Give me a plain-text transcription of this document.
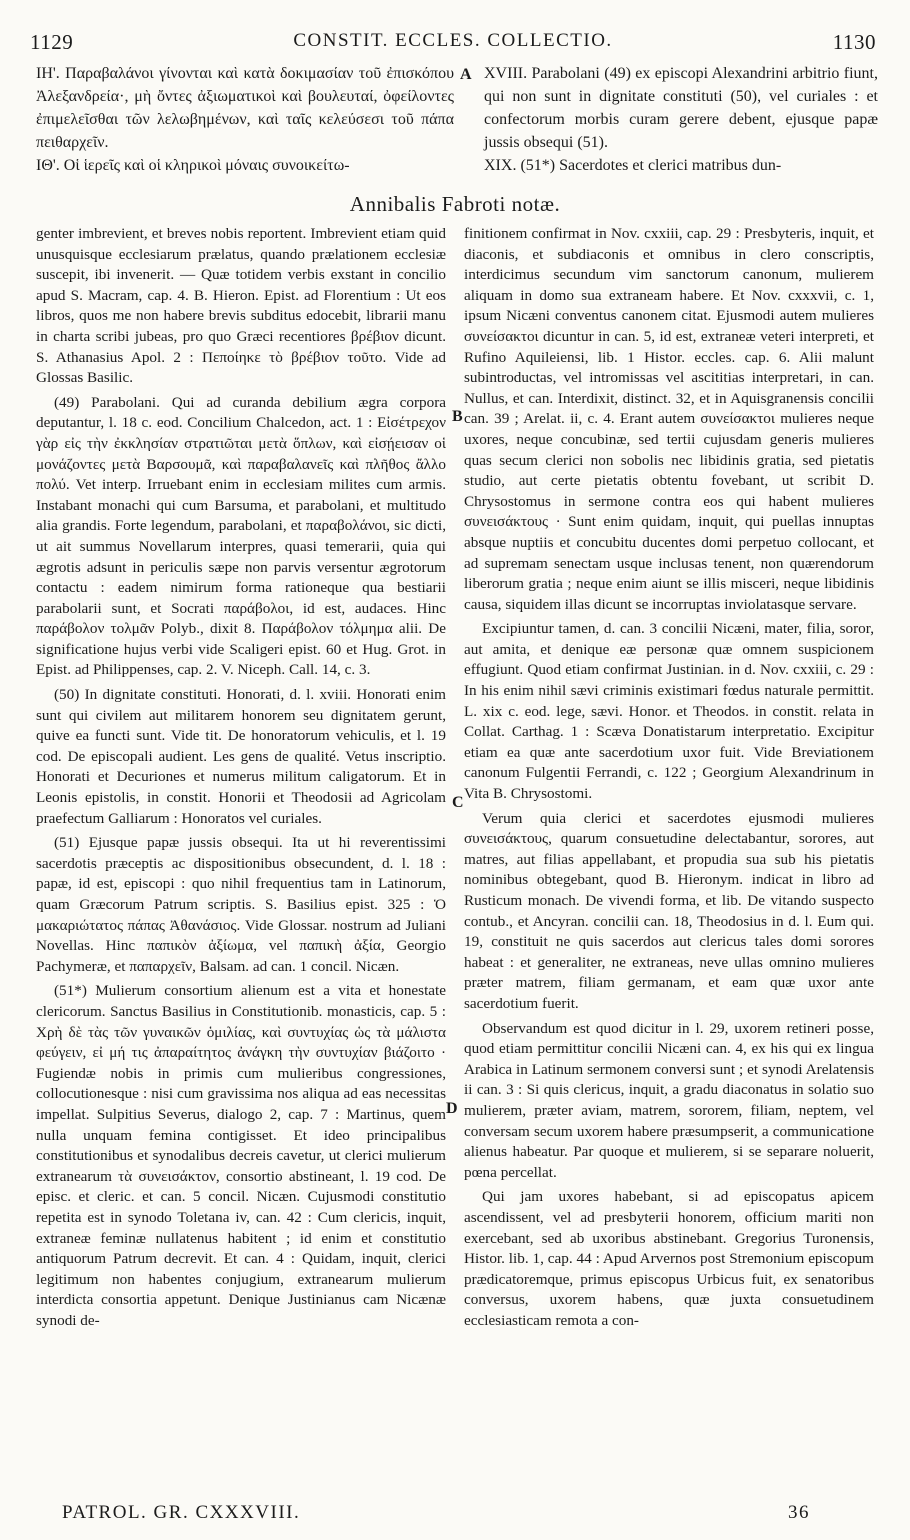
1129	CONSTIT. ECCLES. COLLECTIO.	1130

ΙΗ'. Παραβαλάνοι γίνονται καὶ κατὰ δοκιμασίαν τοῦ ἐπισκόπου Ἀλεξανδρεία·, μὴ ὄντες ἀξιωματικοὶ καὶ βουλευταί, ὀφείλοντες ἐπιμελεῖσθαι τῶν λελωβημένων, καὶ ταῖς κελεύσεσι τοῦ πάπα πειθαρχεῖν.

ΙΘ'. Οἱ ἱερεῖς καὶ οἱ κληρικοὶ μόναις συνοικείτω-

A XVIII. Parabolani (49) ex episcopi Alexandrini arbitrio fiunt, qui non sunt in dignitate constituti (50), vel curiales : et confectorum morbis curam gerere debent, ejusque papæ jussis obsequi (51).

XIX. (51*) Sacerdotes et clerici matribus dun-

Annibalis Fabroti notæ.

genter imbrevient, et breves nobis reportent. Imbrevient etiam quid unusquisque ecclesiarum prælatus, quando prælationem ecclesiæ suscepit, ibi invenerit. — Quæ totidem verbis exstant in concilio apud S. Macram, cap. 4. B. Hieron. Epist. ad Florentium : Ut eos libros, quos me non habere brevis subditus edocebit, librarii manu in charta scribi jubeas, pro quo Græci recentiores βρέβιον dicunt. S. Athanasius Apol. 2 : Πεποίηκε τὸ βρέβιον τοῦτο. Vide ad Glossas Basilic.

(49) Parabolani. Qui ad curanda debilium ægra corpora deputantur, l. 18 c. eod. Concilium Chalcedon, act. 1 : Εἰσέτρεχον γὰρ εἰς τὴν ἐκκλησίαν στρατιῶται μετὰ ὅπλων, καὶ εἰσῄεισαν οἱ μονάζοντες μετὰ Βαρσουμᾶ, καὶ παραβαλανεῖς καὶ πλῆθος ἄλλο πολύ. Vet interp. Irruebant enim in ecclesiam milites cum armis. Instabant monachi qui cum Barsuma, et parabolani, et multitudo alia grandis. Forte legendum, parabolani, et παραβολάνοι, sic dicti, ut ait summus Novellarum interpres, quasi temerarii, quia qui ægrotis adsunt in periculis sæpe non parvis versentur ægrotorum contactu : eadem nimirum forma rationeque qua bestiarii parabolarii sunt, et Socrati παράβολοι, id est, audaces. Hinc παράβολον τολμᾶν Polyb., dixit 8. Παράβολον τόλμημα alii. De significatione hujus verbi vide Scaligeri epist. 60 et Hug. Grot. in Epist. ad Philippenses, cap. 2. V. Niceph. Call. 14, c. 3.

(50) In dignitate constituti. Honorati, d. l. xviii. Honorati enim sunt qui civilem aut militarem honorem seu dignitatem gerunt, quive ea functi sunt. Vide tit. De honoratorum vehiculis, et l. 19 cod. De episcopali audient. Les gens de qualité. Vetus inscriptio. Honorati et Decuriones et numerus militum caligatorum. Et in Leonis epistolis, in constit. Honorii et Theodosii ad Agricolam praefectum Galliarum : Honoratos vel curiales.

(51) Ejusque papæ jussis obsequi. Ita ut hi reverentissimi sacerdotis præceptis ac dispositionibus obsecundent, d. l. 18 : papæ, id est, episcopi : quo nihil frequentius tam in Latinorum, quam Græcorum Patrum scriptis. S. Basilius epist. 325 : Ὁ μακαριώτατος πάπας Ἀθανάσιος. Vide Glossar. nostrum ad Juliani Novellas. Hinc παπικὸν ἀξίωμα, vel παπικὴ ἀξία, Georgio Pachymeræ, et παπαρχεῖν, Balsam. ad can. 1 concil. Nicæn.

(51*) Mulierum consortium alienum est a vita et honestate clericorum. Sanctus Basilius in Constitutionib. monasticis, cap. 5 : Χρὴ δὲ τὰς τῶν γυναικῶν ὁμιλίας, καὶ συντυχίας ὡς τὰ μάλιστα φεύγειν, εἰ μή τις ἀπαραίτητος ἀνάγκη τὴν συντυχίαν βιάζοιτο · Fugiendæ nobis in primis cum mulieribus congressiones, collocutionesque : nisi cum gravissima nos aliqua ad eas necessitas impellat. Sulpitius Severus, dialogo 2, cap. 7 : Martinus, quem nulla unquam femina contigisset. Et ideo principalibus constitutionibus et synodalibus decreis cavetur, ut clerici mulierum extranearum τὰ συνεισάκτον, consortio abstineant, l. 19 cod. De episc. et cleric. et can. 5 concil. Nicæn. Cujusmodi constitutio repetita est in synodo Toletana iv, can. 42 : Cum clericis, inquit, extraneæ feminæ nullatenus habitent ; id enim et constitutio antiquorum Patrum decrevit. Et can. 4 : Quidam, inquit, clerici legitimum non habentes conjugium, extranearum mulierum interdicta consortia appetunt. Denique Justinianus cam Nicænæ synodi de-

B
C
D

finitionem confirmat in Nov. cxxiii, cap. 29 : Presbyteris, inquit, et diaconis, et subdiaconis et omnibus in clero conscriptis, interdicimus secundum vim sanctorum canonum, mulierem aliquam in domo sua extraneam habere. Et Nov. cxxxvii, c. 1, ipsum Nicæni conventus canonem citat. Ejusmodi autem mulieres συνείσακτοι dicuntur in can. 5, id est, extraneæ veteri interpreti, et Rufino Aquileiensi, lib. 1 Histor. eccles. cap. 6. Alii malunt subintroductas, vel intromissas vel ascititias interpretari, in can. Nullus, et can. Interdixit, distinct. 32, et in Aquisgranensis concilii can. 39 ; Arelat. ii, c. 4. Erant autem συνείσακτοι mulieres neque uxores, neque concubinæ, sed tertii cujusdam generis mulieres quas secum clerici non sobolis nec libidinis gratia, sed pietatis studio, aut certe pietatis obtentu fovebant, ut scribit D. Chrysostomus in sermone contra eos qui habent mulieres συνεισάκτους · Sunt enim quidam, inquit, qui puellas innuptas absque nuptiis et concubitu ducentes domi perpetuo collocant, et ad supremam senectam usque inclusas tenent, non quærendorum liberorum gratia ; neque enim aiunt se illis misceri, neque libidinis causa, siquidem illas dicunt se incorruptas inviolatasque servare.

Excipiuntur tamen, d. can. 3 concilii Nicæni, mater, filia, soror, aut amita, et denique eæ personæ quæ omnem suspicionem effugiunt. Quod etiam confirmat Justinian. in d. Nov. cxxiii, c. 29 : In his enim nihil sævi criminis existimari fœdus naturale permittit. L. xix c. eod. lege, sævi. Honor. et Theodos. in constit. relata in Collat. Carthag. 1 : Scæva Donatistarum interpretatio. Excipitur etiam ea quæ ante sacerdotium uxor fuit. Vide Breviationem canonum Fulgentii Ferrandi, c. 122 ; Georgium Alexandrinum in Vita B. Chrysostomi.

Verum quia clerici et sacerdotes ejusmodi mulieres συνεισάκτους, quarum consuetudine delectabantur, sorores, aut matres, aut filias appellabant, et propudia sua sub his pietatis nominibus obtegebant, quod B. Hieronym. indicat in libro ad Rusticum monach. De vivendi forma, et lib. De vitando suspecto contub., et Ancyran. concilii can. 18, Theodosius in d. l. Eum qui. 19, constituit ne quis sacerdos aut clericus tales domi sorores habeat : et generaliter, ne extraneas, neve ullas omnino mulieres præter matrem, filiam germanam, et eam quæ uxor ante sacerdotium fuerit.

Observandum est quod dicitur in l. 29, uxorem retineri posse, quod etiam permittitur concilii Nicæni can. 4, ex his qui ex lingua Arabica in Latinum sermonem conversi sunt ; et synodi Arelatensis ii can. 3 : Si quis clericus, inquit, a gradu diaconatus in solatio suo mulierem, præter aviam, matrem, sororem, filiam, neptem, vel conversam secum uxorem habere præsumpserit, a communicatione alienus habeatur. Par quoque et mulierem, si se separare noluerit, pœna percellat.

Qui jam uxores habebant, si ad episcopatus apicem ascendissent, vel ad presbyterii honorem, officium mariti non exercebant, sed ab uxoribus abstinebant. Gregorius Turonensis, Histor. lib. 1, cap. 44 : Apud Arvernos post Stremonium episcopum prædicatoremque, primus episcopus Urbicus fuit, ex senatoribus conversus, uxorem habens, quæ juxta consuetudinem ecclesiasticam remota a con-

PATROL. GR. CXXXVIII.	36
